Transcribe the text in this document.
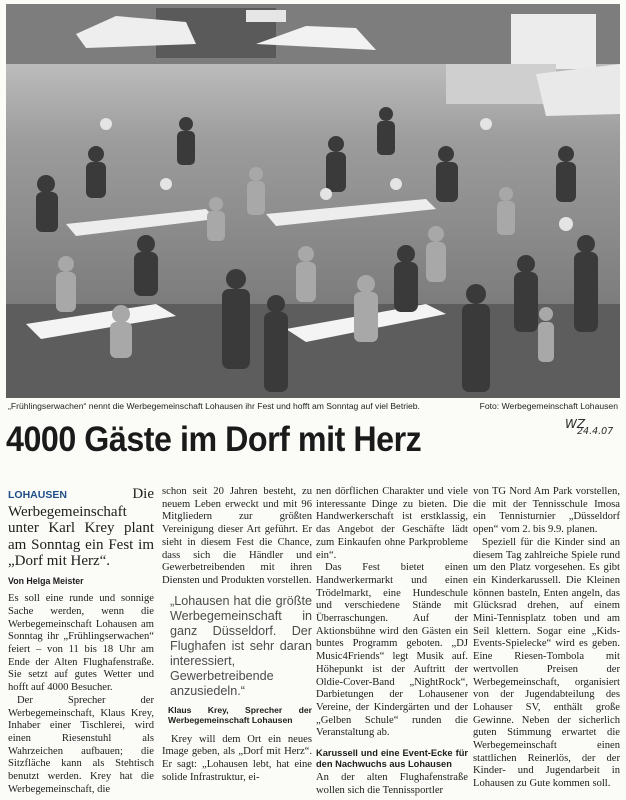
„Frühlingserwachen“ nennt die Werbegemeinschaft Lohausen ihr Fest und hofft am Sonntag auf viel Betrieb.	Foto: Werbegemeinschaft Lohausen
4000 Gäste im Dorf mit Herz	WZ
24.4.07
LOHAUSEN	Die Werbegemeinschaft unter Karl Krey plant am Sonntag ein Fest im „Dorf mit Herz“.
Von Helga Meister

Es soll eine runde und sonnige Sache werden, wenn die Werbegemeinschaft Lohausen am Sonntag ihr „Frühlingserwachen“ feiert – von 11 bis 18 Uhr am Ende der Alten Flughafenstraße. Sie setzt auf gutes Wetter und hofft auf 4000 Besucher.

Der Sprecher der Werbegemeinschaft, Klaus Krey, Inhaber einer Tischlerei, wird einen Riesenstuhl als Wahrzeichen aufbauen; die Sitzfläche kann als Stehtisch benutzt werden. Krey hat die Werbegemeinschaft, die

schon seit 20 Jahren besteht, zu neuem Leben erweckt und mit 96 Mitgliedern zur größten Vereinigung dieser Art geführt. Er sieht in diesem Fest die Chance, dass sich die Händler und Gewerbetreibenden mit ihren Diensten und Produkten vorstellen.

„Lohausen hat die größte Werbegemeinschaft in ganz Düsseldorf. Der Flughafen ist sehr daran interessiert, Gewerbetreibende anzusiedeln.“
Klaus Krey, Sprecher der Werbegemeinschaft Lohausen

Krey will dem Ort ein neues Image geben, als „Dorf mit Herz“. Er sagt: „Lohausen lebt, hat eine solide Infrastruktur, ei-

nen dörflichen Charakter und viele interessante Dinge zu bieten. Die Handwerkerschaft ist erstklassig, das Angebot der Geschäfte lädt zum Einkaufen ohne Parkprobleme ein“.

Das Fest bietet einen Handwerkermarkt und einen Trödelmarkt, eine Hundeschule und verschiedene Stände mit Überraschungen. Auf der Aktionsbühne wird den Gästen ein buntes Programm geboten. „DJ Music4Friends“ legt Musik auf. Höhepunkt ist der Auftritt der Oldie-Cover-Band „NightRock“, Darbietungen der Lohausener Vereine, der Kindergärten und der „Gelben Schule“ runden die Veranstaltung ab.

Karussell und eine Event-Ecke für den Nachwuchs aus Lohausen

An der alten Flughafenstraße wollen sich die Tennissportler

von TG Nord Am Park vorstellen, die mit der Tennisschule Imosa ein Tennisturnier „Düsseldorf open“ vom 2. bis 9.9. planen.

Speziell für die Kinder sind an diesem Tag zahlreiche Spiele rund um den Platz vorgesehen. Es gibt ein Kinderkarussell. Die Kleinen können basteln, Enten angeln, das Glücksrad drehen, auf einem Mini-Tennisplatz toben und am Seil klettern. Sogar eine „Kids-Events-Spielecke“ wird es geben. Eine Riesen-Tombola mit wertvollen Preisen der Werbegemeinschaft, organisiert von der Jugendabteilung des Lohauser SV, enthält große Gewinne. Neben der sicherlich guten Stimmung erwartet die Werbegemeinschaft einen stattlichen Reinerlös, der der Kinder- und Jugendarbeit in Lohausen zu Gute kommen soll.
